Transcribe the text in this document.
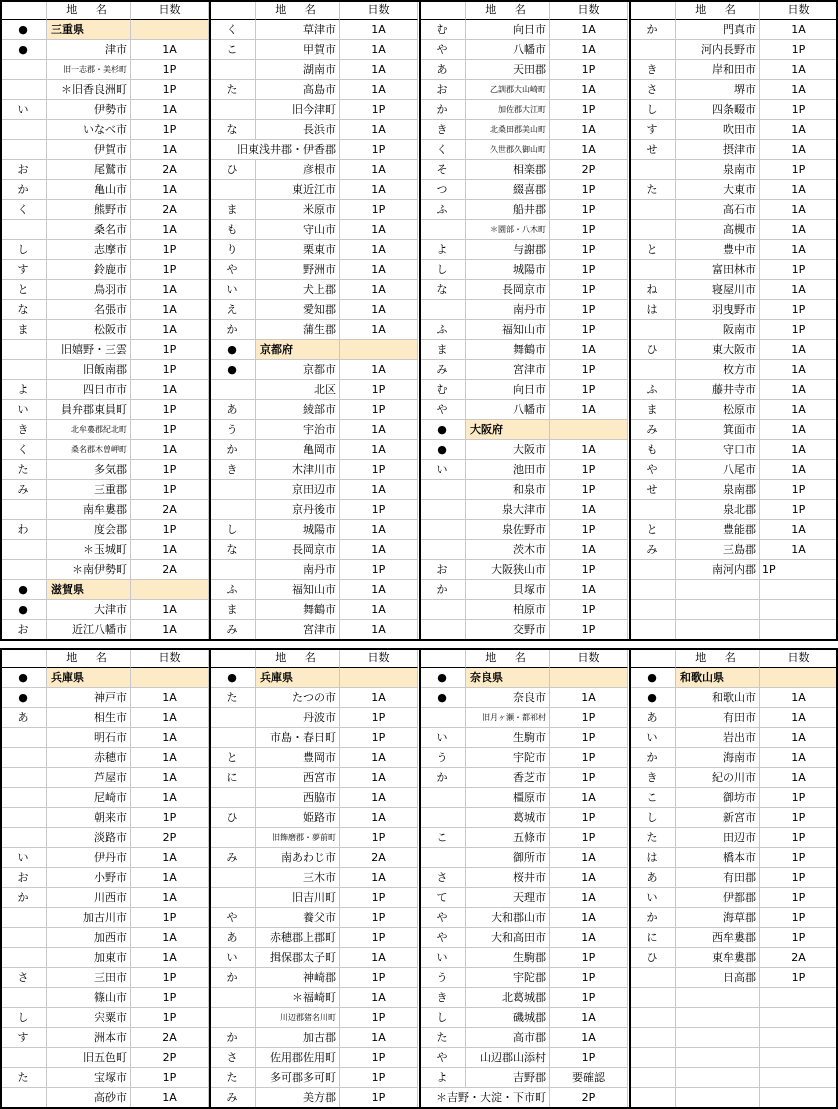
地　名	日数
●	三重県
●	津市	1A
旧一志郡・美杉町	1P
＊旧香良洲町	1P
い	伊勢市	1A
いなべ市	1P
伊賀市	1A
お	尾鷲市	2A
か	亀山市	1A
く	熊野市	2A
桑名市	1A
し	志摩市	1P
す	鈴鹿市	1P
と	鳥羽市	1A
な	名張市	1A
ま	松阪市	1A
旧嬉野・三雲	1P
旧飯南郡	1P
よ	四日市市	1A
い	員弁郡東員町	1P
き	北牟婁郡紀北町	1P
く	桑名郡木曽岬町	1A
た	多気郡	1P
み	三重郡	1P
南牟婁郡	2A
わ	度会郡	1P
＊玉城町	1A
＊南伊勢町	2A
●	滋賀県
●	大津市	1A
お	近江八幡市	1A
地　名	日数
く	草津市	1A
こ	甲賀市	1A
湖南市	1A
た	高島市	1A
旧今津町	1P
な	長浜市	1A
旧東浅井郡・伊香郡	1P
ひ	彦根市	1A
東近江市	1A
ま	米原市	1P
も	守山市	1A
り	栗東市	1A
や	野洲市	1A
い	犬上郡	1A
え	愛知郡	1A
か	蒲生郡	1A
●	京都府
●	京都市	1A
北区	1P
あ	綾部市	1P
う	宇治市	1A
か	亀岡市	1A
き	木津川市	1P
京田辺市	1A
京丹後市	1P
し	城陽市	1A
な	長岡京市	1A
南丹市	1P
ふ	福知山市	1A
ま	舞鶴市	1A
み	宮津市	1A
地　名	日数
む	向日市	1A
や	八幡市	1A
あ	天田郡	1P
お	乙訓郡大山崎町	1A
か	加佐郡大江町	1P
き	北桑田郡美山町	1A
く	久世郡久御山町	1A
そ	相楽郡	2P
つ	綴喜郡	1P
ふ	船井郡	1P
＊園部・八木町	1P
よ	与謝郡	1P
し	城陽市	1P
な	長岡京市	1P
南丹市	1P
ふ	福知山市	1P
ま	舞鶴市	1A
み	宮津市	1P
む	向日市	1P
や	八幡市	1A
●	大阪府
●	大阪市	1A
い	池田市	1P
和泉市	1P
泉大津市	1A
泉佐野市	1P
茨木市	1A
お	大阪狭山市	1P
か	貝塚市	1A
柏原市	1P
交野市	1P
地　名	日数
か	門真市	1A
河内長野市	1P
き	岸和田市	1A
さ	堺市	1A
し	四条畷市	1P
す	吹田市	1A
せ	摂津市	1A
泉南市	1P
た	大東市	1A
高石市	1A
高槻市	1A
と	豊中市	1A
富田林市	1P
ね	寝屋川市	1A
は	羽曳野市	1P
阪南市	1P
ひ	東大阪市	1A
枚方市	1A
ふ	藤井寺市	1A
ま	松原市	1A
み	箕面市	1A
も	守口市	1A
や	八尾市	1A
せ	泉南郡	1P
泉北郡	1P
と	豊能郡	1A
み	三島郡	1A
南河内郡 1P
地　名	日数
●	兵庫県
●	神戸市	1A
あ	相生市	1A
明石市	1A
赤穂市	1A
芦屋市	1A
尼崎市	1A
朝来市	1P
淡路市	2P
い	伊丹市	1A
お	小野市	1A
か	川西市	1A
加古川市	1P
加西市	1A
加東市	1A
さ	三田市	1P
篠山市	1P
し	宍粟市	1P
す	洲本市	2A
旧五色町	2P
た	宝塚市	1P
高砂市	1A
地　名	日数
●	兵庫県
た	たつの市	1A
丹波市	1P
市島・春日町	1P
と	豊岡市	1A
に	西宮市	1A
西脇市	1A
ひ	姫路市	1A
旧飾磨郡・夢前町	1P
み	南あわじ市	2A
三木市	1A
旧吉川町	1P
や	養父市	1P
あ	赤穂郡上郡町	1P
い	揖保郡太子町	1A
か	神崎郡	1P
＊福崎町	1A
川辺郡猪名川町	1P
か	加古郡	1A
さ	佐用郡佐用町	1P
た	多可郡多可町	1P
み	美方郡	1P
地　名	日数
●	奈良県
●	奈良市	1A
旧月ヶ瀬・都祁村	1P
い	生駒市	1P
う	宇陀市	1P
か	香芝市	1P
橿原市	1A
葛城市	1P
こ	五條市	1P
御所市	1A
さ	桜井市	1A
て	天理市	1A
や	大和郡山市	1A
や	大和高田市	1A
い	生駒郡	1P
う	宇陀郡	1P
き	北葛城郡	1P
し	磯城郡	1A
た	高市郡	1A
や	山辺郡山添村	1P
よ	吉野郡	要確認
＊吉野・大淀・下市町	2P
地　名	日数
●	和歌山県
●	和歌山市	1A
あ	有田市	1A
い	岩出市	1A
か	海南市	1A
き	紀の川市	1A
こ	御坊市	1P
し	新宮市	1P
た	田辺市	1P
は	橋本市	1P
あ	有田郡	1P
い	伊都郡	1P
か	海草郡	1P
に	西牟婁郡	1P
ひ	東牟婁郡	2A
日高郡	1P
